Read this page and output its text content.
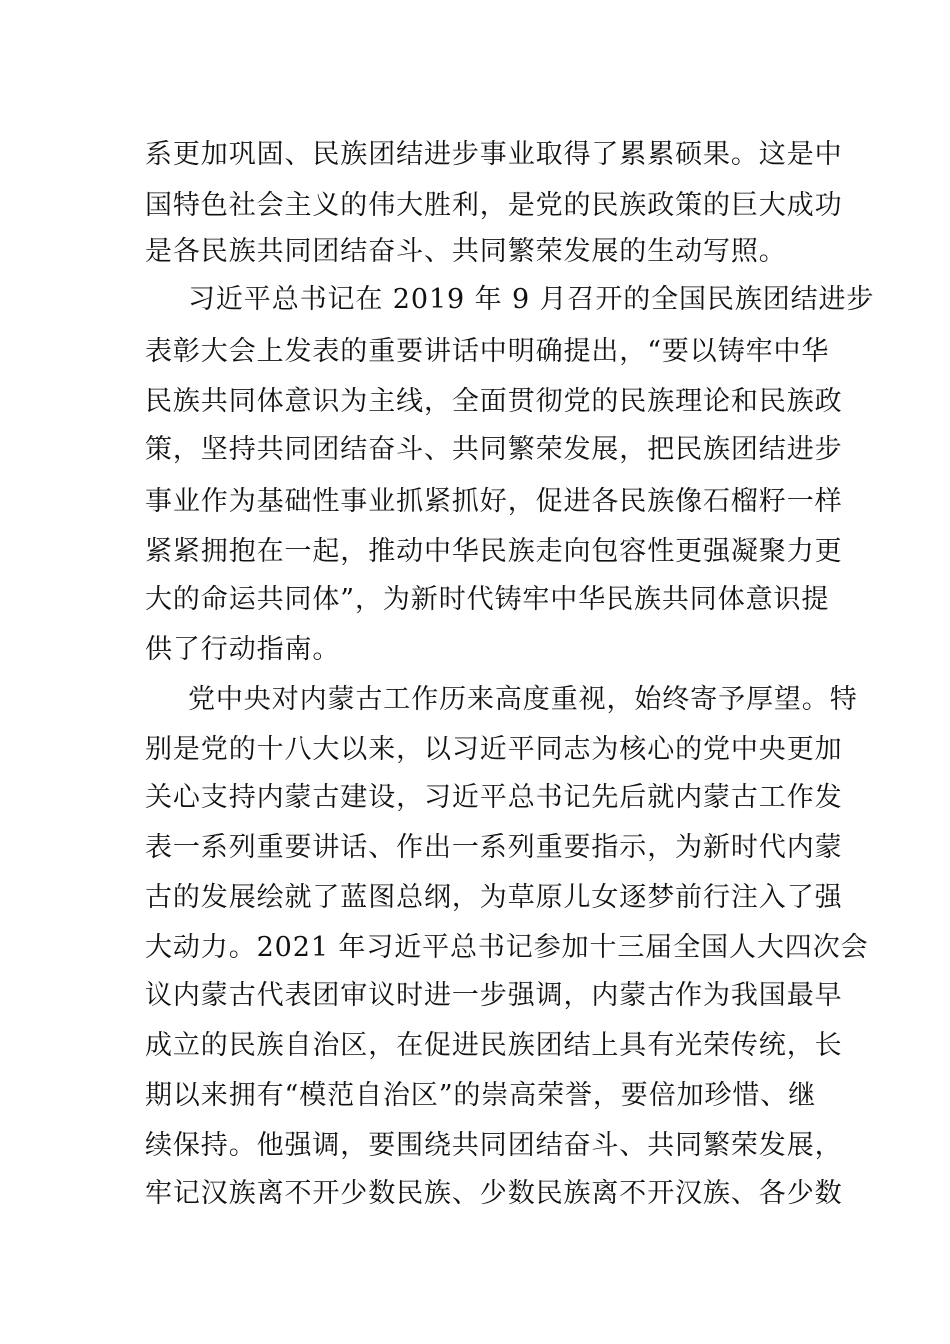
系更加巩固、民族团结进步事业取得了累累硕果。这是中
国特色社会主义的伟大胜利，是党的民族政策的巨大成功
是各民族共同团结奋斗、共同繁荣发展的生动写照。
习近平总书记在 2019 年 9 月召开的全国民族团结进步
表彰大会上发表的重要讲话中明确提出，“要以铸牢中华
民族共同体意识为主线，全面贯彻党的民族理论和民族政
策，坚持共同团结奋斗、共同繁荣发展，把民族团结进步
事业作为基础性事业抓紧抓好，促进各民族像石榴籽一样
紧紧拥抱在一起，推动中华民族走向包容性更强凝聚力更
大的命运共同体”，为新时代铸牢中华民族共同体意识提
供了行动指南。
党中央对内蒙古工作历来高度重视，始终寄予厚望。特
别是党的十八大以来，以习近平同志为核心的党中央更加
关心支持内蒙古建设，习近平总书记先后就内蒙古工作发
表一系列重要讲话、作出一系列重要指示，为新时代内蒙
古的发展绘就了蓝图总纲，为草原儿女逐梦前行注入了强
大动力。2021 年习近平总书记参加十三届全国人大四次会
议内蒙古代表团审议时进一步强调，内蒙古作为我国最早
成立的民族自治区，在促进民族团结上具有光荣传统，长
期以来拥有“模范自治区”的崇高荣誉，要倍加珍惜、继
续保持。他强调，要围绕共同团结奋斗、共同繁荣发展，
牢记汉族离不开少数民族、少数民族离不开汉族、各少数
